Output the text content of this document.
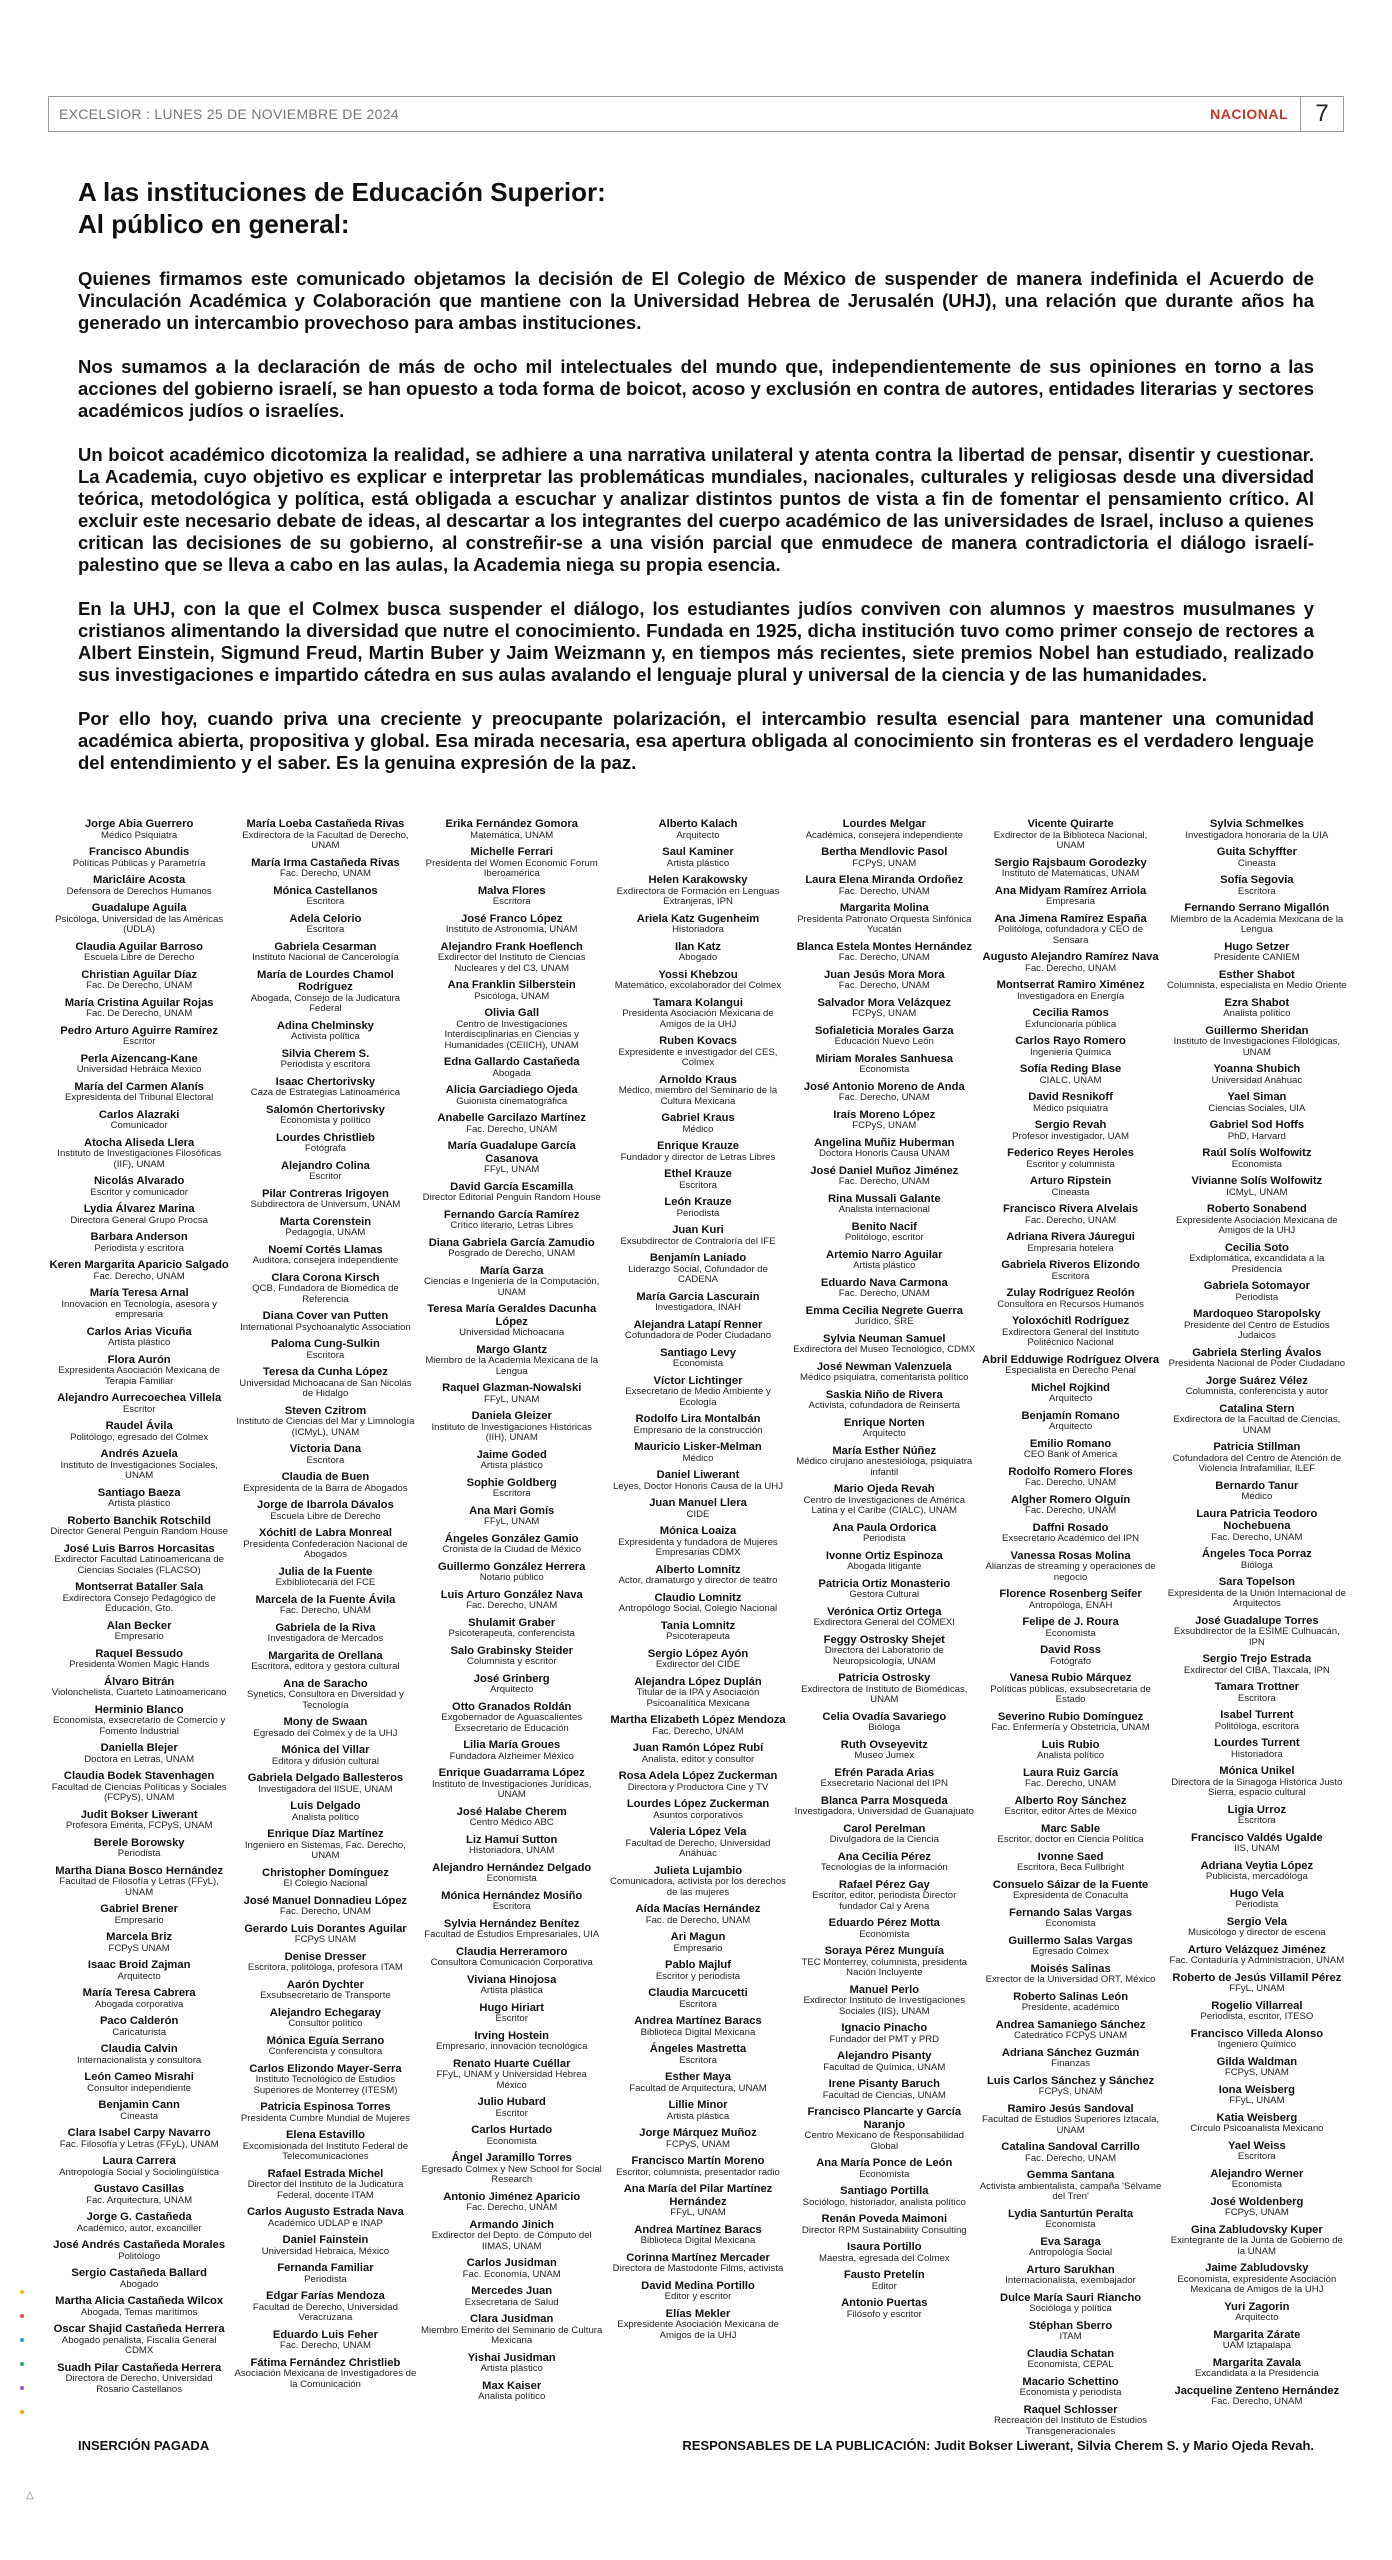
EXCELSIOR : LUNES 25 DE NOVIEMBRE DE 2024	NACIONAL	7
A las instituciones de Educación Superior:
Al público en general:

Quienes firmamos este comunicado objetamos la decisión de El Colegio de México de suspender de manera indefinida el Acuerdo de Vinculación Académica y Colaboración que mantiene con la Universidad Hebrea de Jerusalén (UHJ), una relación que durante años ha generado un intercambio provechoso para ambas instituciones.

Nos sumamos a la declaración de más de ocho mil intelectuales del mundo que, independientemente de sus opiniones en torno a las acciones del gobierno israelí, se han opuesto a toda forma de boicot, acoso y exclusión en contra de autores, entidades literarias y sectores académicos judíos o israelíes.

Un boicot académico dicotomiza la realidad, se adhiere a una narrativa unilateral y atenta contra la libertad de pensar, disentir y cuestionar. La Academia, cuyo objetivo es explicar e interpretar las problemáticas mundiales, nacionales, culturales y religiosas desde una diversidad teórica, metodológica y política, está obligada a escuchar y analizar distintos puntos de vista a fin de fomentar el pensamiento crítico. Al excluir este necesario debate de ideas, al descartar a los integrantes del cuerpo académico de las universidades de Israel, incluso a quienes critican las decisiones de su gobierno, al constreñir-se a una visión parcial que enmudece de manera contradictoria el diálogo israelí-palestino que se lleva a cabo en las aulas, la Academia niega su propia esencia.

En la UHJ, con la que el Colmex busca suspender el diálogo, los estudiantes judíos conviven con alumnos y maestros musulmanes y cristianos alimentando la diversidad que nutre el conocimiento. Fundada en 1925, dicha institución tuvo como primer consejo de rectores a Albert Einstein, Sigmund Freud, Martin Buber y Jaim Weizmann y, en tiempos más recientes, siete premios Nobel han estudiado, realizado sus investigaciones e impartido cátedra en sus aulas avalando el lenguaje plural y universal de la ciencia y de las humanidades.

Por ello hoy, cuando priva una creciente y preocupante polarización, el intercambio resulta esencial para mantener una comunidad académica abierta, propositiva y global. Esa mirada necesaria, esa apertura obligada al conocimiento sin fronteras es el verdadero lenguaje del entendimiento y el saber. Es la genuina expresión de la paz.

Jorge Abia Guerrero
Médico Psiquiatra
Francisco Abundis
Políticas Públicas y Parametría
Maricláire Acosta
Defensora de Derechos Humanos
Guadalupe Aguila
Psicóloga, Universidad de las Américas (UDLA)
Claudia Aguilar Barroso
Escuela Libre de Derecho
Christian Aguilar Díaz
Fac. De Derecho, UNAM
María Cristina Aguilar Rojas
Fac. De Derecho, UNAM
Pedro Arturo Aguirre Ramírez
Escritor
Perla Aizencang-Kane
Universidad Hebráica Mexico
María del Carmen Alanís
Expresidenta del Tribunal Electoral
Carlos Alazraki
Comunicador
Atocha Aliseda Llera
Instituto de Investigaciones Filosóficas (IIF), UNAM
Nicolás Alvarado
Escritor y comunicador
Lydia Álvarez Marina
Directora General Grupo Procsa
Barbara Anderson
Periodista y escritora
Keren Margarita Aparicio Salgado
Fac. Derecho, UNAM
María Teresa Arnal
Innovación en Tecnología, asesora y empresaria
Carlos Arias Vicuña
Artista plástico
Flora Aurón
Expresidenta Asociación Mexicana de Terapia Familiar
Alejandro Aurrecoechea Villela
Escritor
Raudel Ávila
Politólogo, egresado del Colmex
Andrés Azuela
Instituto de Investigaciones Sociales, UNAM
Santiago Baeza
Artista plástico
Roberto Banchik Rotschild
Director General Penguin Random House
José Luis Barros Horcasitas
Exdirector Facultad Latinoamericana de Ciencias Sociales (FLACSO)
Montserrat Bataller Sala
Exdirectora Consejo Pedagógico de Educación, Gto.
Alan Becker
Empresario
Raquel Bessudo
Presidenta Women Magic Hands
Álvaro Bitrán
Violonchelista, Cuarteto Latinoamericano
Herminio Blanco
Economista, exsecretario de Comercio y Fomento Industrial
Daniella Blejer
Doctora en Letras, UNAM
Claudia Bodek Stavenhagen
Facultad de Ciencias Políticas y Sociales (FCPyS), UNAM
Judit Bokser Liwerant
Profesora Emérita, FCPyS, UNAM
Berele Borowsky
Periodista
Martha Diana Bosco Hernández
Facultad de Filosofía y Letras (FFyL), UNAM
Gabriel Brener
Empresario
Marcela Briz
FCPyS UNAM
Isaac Broid Zajman
Arquitecto
María Teresa Cabrera
Abogada corporativa
Paco Calderón
Caricaturista
Claudia Calvin
Internacionalista y consultora
León Cameo Misrahi
Consultor independiente
Benjamin Cann
Cineasta
Clara Isabel Carpy Navarro
Fac. Filosofía y Letras (FFyL), UNAM
Laura Carrera
Antropología Social y Sociolingüística
Gustavo Casillas
Fac. Arquitectura, UNAM
Jorge G. Castañeda
Académico, autor, excanciller
José Andrés Castañeda Morales
Politólogo
Sergio Castañeda Ballard
Abogado
Martha Alicia Castañeda Wilcox
Abogada, Temas marítimos
Oscar Shajid Castañeda Herrera
Abogado penalista, Fiscalía General CDMX
Suadh Pilar Castañeda Herrera
Directora de Derecho, Universidad Rosario Castellanos
María Loeba Castañeda Rivas
Exdirectora de la Facultad de Derecho, UNAM
María Irma Castañeda Rivas
Fac. Derecho, UNAM
Mónica Castellanos
Escritora
Adela Celorio
Escritora
Gabriela Cesarman
Instituto Nacional de Cancerología
María de Lourdes Chamol Rodríguez
Abogada, Consejo de la Judicatura Federal
Adina Chelminsky
Activista política
Silvia Cherem S.
Periodista y escritora
Isaac Chertorivsky
Caza de Estrategias Latinoamérica
Salomón Chertorivsky
Economista y político
Lourdes Christlieb
Fotógrafa
Alejandro Colina
Escritor
Pilar Contreras Irigoyen
Subdirectora de Universum, UNAM
Marta Corenstein
Pedagogía, UNAM
Noemí Cortés Llamas
Auditora, consejera independiente
Clara Corona Kirsch
QCB, Fundadora de Biomédica de Referencia
Diana Cover van Putten
International Psychoanalytic Association
Paloma Cung-Sulkin
Escritora
Teresa da Cunha López
Universidad Michoacana de San Nicolás de Hidalgo
Steven Czitrom
Instituto de Ciencias del Mar y Limnología (ICMyL), UNAM
Victoria Dana
Escritora
Claudia de Buen
Expresidenta de la Barra de Abogados
Jorge de Ibarrola Dávalos
Escuela Libre de Derecho
Xóchitl de Labra Monreal
Presidenta Confederación Nacional de Abogados
Julia de la Fuente
Exbibliotecaria del FCE
Marcela de la Fuente Ávila
Fac. Derecho, UNAM
Gabriela de la Riva
Investigadora de Mercados
Margarita de Orellana
Escritora, editora y gestora cultural
Ana de Saracho
Synetics, Consultora en Diversidad y Tecnología
Mony de Swaan
Egresado del Colmex y de la UHJ
Mónica del Villar
Editora y difusión cultural
Gabriela Delgado Ballesteros
Investigadora del IISUE, UNAM
Luis Delgado
Analista político
Enrique Díaz Martínez
Ingeniero en Sistemas, Fac. Derecho, UNAM
Christopher Domínguez
El Colegio Nacional
José Manuel Donnadieu López
Fac. Derecho, UNAM
Gerardo Luis Dorantes Aguilar
FCPyS UNAM
Denise Dresser
Escritora, politóloga, profesora ITAM
Aarón Dychter
Exsubsecretario de Transporte
Alejandro Echegaray
Consultor político
Mónica Eguía Serrano
Conferencista y consultora
Carlos Elizondo Mayer-Serra
Instituto Tecnológico de Estudios Superiores de Monterrey (ITESM)
Patricia Espinosa Torres
Presidenta Cumbre Mundial de Mujeres
Elena Estavillo
Excomisionada del Instituto Federal de Telecomunicaciones
Rafael Estrada Michel
Director del Instituto de la Judicatura Federal, docente ITAM
Carlos Augusto Estrada Nava
Académico UDLAP e INAP
Daniel Fainstein
Universidad Hebraica, México
Fernanda Familiar
Periodista
Edgar Farías Mendoza
Facultad de Derecho, Universidad Veracruzana
Eduardo Luis Feher
Fac. Derecho, UNAM
Fátima Fernández Christlieb
Asociación Mexicana de Investigadores de la Comunicación
Erika Fernández Gomora
Matemática, UNAM
Michelle Ferrari
Presidenta del Women Economic Forum Iberoamérica
Malva Flores
Escritora
José Franco López
Instituto de Astronomía, UNAM
Alejandro Frank Hoeflench
Exdirector del Instituto de Ciencias Nucleares y del C3, UNAM
Ana Franklin Silberstein
Psicóloga, UNAM
Olivia Gall
Centro de Investigaciones Interdisciplinarias en Ciencias y Humanidades (CEIICH), UNAM
Edna Gallardo Castañeda
Abogada
Alicia Garciadiego Ojeda
Guionista cinematográfica
Anabelle Garcilazo Martínez
Fac. Derecho, UNAM
María Guadalupe García Casanova
FFyL, UNAM
David García Escamilla
Director Editorial Penguin Random House
Fernando García Ramírez
Crítico literario, Letras Libres
Diana Gabriela García Zamudio
Posgrado de Derecho, UNAM
María Garza
Ciencias e Ingeniería de la Computación, UNAM
Teresa María Geraldes Dacunha López
Universidad Michoacana
Margo Glantz
Miembro de la Academia Mexicana de la Lengua
Raquel Glazman-Nowalski
FFyL, UNAM
Daniela Gleizer
Instituto de Investigaciones Históricas (IIH), UNAM
Jaime Goded
Artista plástico
Sophie Goldberg
Escritora
Ana Mari Gomís
FFyL, UNAM
Ángeles González Gamio
Cronista de la Ciudad de México
Guillermo González Herrera
Notario público
Luis Arturo González Nava
Fac. Derecho, UNAM
Shulamit Graber
Psicoterapeuta, conferencista
Salo Grabinsky Steider
Columnista y escritor
José Grinberg
Arquitecto
Otto Granados Roldán
Exgobernador de Aguascalientes Exsecretario de Educación
Lilia María Groues
Fundadora Alzheimer México
Enrique Guadarrama López
Instituto de Investigaciones Jurídicas, UNAM
José Halabe Cherem
Centro Médico ABC
Liz Hamui Sutton
Historiadora, UNAM
Alejandro Hernández Delgado
Economista
Mónica Hernández Mosiño
Escritora
Sylvia Hernández Benítez
Facultad de Estudios Empresariales, UIA
Claudia Herreramoro
Consultora Comunicación Corporativa
Viviana Hinojosa
Artista plástica
Hugo Hiriart
Escritor
Irving Hostein
Empresario, innovación tecnológica
Renato Huarte Cuéllar
FFyL, UNAM y Universidad Hebrea México
Julio Hubard
Escritor
Carlos Hurtado
Economista
Ángel Jaramillo Torres
Egresado Colmex y New School for Social Research
Antonio Jiménez Aparicio
Fac. Derecho, UNAM
Armando Jinich
Exdirector del Depto. de Cómputo del IIMAS, UNAM
Carlos Jusidman
Fac. Economía, UNAM
Mercedes Juan
Exsecretaria de Salud
Clara Jusidman
Miembro Emérito del Seminario de Cultura Mexicana
Yishai Jusidman
Artista plástico
Max Kaiser
Analista político
Alberto Kalach
Arquitecto
Saul Kaminer
Artista plástico
Helen Karakowsky
Exdirectora de Formación en Lenguas Extranjeras, IPN
Ariela Katz Gugenheim
Historiadora
Ilan Katz
Abogado
Yossi Khebzou
Matemático, excolaborador del Colmex
Tamara Kolangui
Presidenta Asociación Mexicana de Amigos de la UHJ
Ruben Kovacs
Expresidente e investigador del CES, Colmex
Arnoldo Kraus
Médico, miembro del Seminario de la Cultura Mexicana
Gabriel Kraus
Médico
Enrique Krauze
Fundador y director de Letras Libres
Ethel Krauze
Escritora
León Krauze
Periodista
Juan Kuri
Exsubdirector de Contraloría del IFE
Benjamín Laniado
Liderazgo Social, Cofundador de CADENA
María Garcia Lascurain
Investigadora, INAH
Alejandra Latapí Renner
Cofundadora de Poder Ciudadano
Santiago Levy
Economista
Víctor Lichtinger
Exsecretario de Medio Ambiente y Ecología
Rodolfo Lira Montalbán
Empresario de la construcción
Mauricio Lisker-Melman
Médico
Daniel Liwerant
Leyes, Doctor Honoris Causa de la UHJ
Juan Manuel Llera
CIDE
Mónica Loaiza
Expresidenta y fundadora de Mujeres Empresarias CDMX
Alberto Lomnitz
Actor, dramaturgo y director de teatro
Claudio Lomnitz
Antropólogo Social, Colegio Nacional
Tania Lomnitz
Psicoterapeuta
Sergio López Ayón
Exdirector del CIDE
Alejandra López Duplán
Titular de la IPA y Asociación Psicoanalítica Mexicana
Martha Elizabeth López Mendoza
Fac. Derecho, UNAM
Juan Ramón López Rubí
Analista, editor y consultor
Rosa Adela López Zuckerman
Directora y Productora Cine y TV
Lourdes López Zuckerman
Asuntos corporativos
Valeria López Vela
Facultad de Derecho, Universidad Anáhuac
Julieta Lujambio
Comunicadora, activista por los derechos de las mujeres
Aída Macías Hernández
Fac. de Derecho, UNAM
Ari Magun
Empresario
Pablo Majluf
Escritor y periodista
Claudia Marcucetti
Escritora
Andrea Martínez Baracs
Biblioteca Digital Mexicana
Ángeles Mastretta
Escritora
Esther Maya
Facultad de Arquitectura, UNAM
Lillie Minor
Artista plástica
Jorge Márquez Muñoz
FCPyS, UNAM
Francisco Martín Moreno
Escritor, columnista, presentador radio
Ana María del Pilar Martínez Hernández
FFyL, UNAM
Andrea Martínez Baracs
Biblioteca Digital Mexicana
Corinna Martínez Mercader
Directora de Mastodonte Films, activista
David Medina Portillo
Editor y escritor
Elías Mekler
Expresidente Asociación Mexicana de Amigos de la UHJ
Lourdes Melgar
Académica, consejera independiente
Bertha Mendlovic Pasol
FCPyS, UNAM
Laura Elena Miranda Ordoñez
Fac. Derecho, UNAM
Margarita Molina
Presidenta Patronato Orquesta Sinfónica Yucatán
Blanca Estela Montes Hernández
Fac. Derecho, UNAM
Juan Jesús Mora Mora
Fac. Derecho, UNAM
Salvador Mora Velázquez
FCPyS, UNAM
Sofialeticia Morales Garza
Educación Nuevo León
Miriam Morales Sanhuesa
Economista
José Antonio Moreno de Anda
Fac. Derecho, UNAM
Iraís Moreno López
FCPyS, UNAM
Angelina Muñiz Huberman
Doctora Honoris Causa UNAM
José Daniel Muñoz Jiménez
Fac. Derecho, UNAM
Rina Mussali Galante
Analista internacional
Benito Nacif
Politólogo, escritor
Artemio Narro Aguilar
Artista plástico
Eduardo Nava Carmona
Fac. Derecho, UNAM
Emma Cecilia Negrete Guerra
Jurídico, SRE
Sylvia Neuman Samuel
Exdirectora del Museo Tecnológico, CDMX
José Newman Valenzuela
Médico psiquiatra, comentarista político
Saskia Niño de Rivera
Activista, cofundadora de Reinserta
Enrique Norten
Arquitecto
María Esther Núñez
Médico cirujano anestesióloga, psiquiatra infantil
Mario Ojeda Revah
Centro de Investigaciones de América Latina y el Caribe (CIALC), UNAM
Ana Paula Ordorica
Periodista
Ivonne Ortiz Espinoza
Abogada litigante
Patricia Ortiz Monasterio
Gestora Cultural
Verónica Ortiz Ortega
Exdirectora General del COMEXI
Feggy Ostrosky Shejet
Directora del Laboratorio de Neuropsicología, UNAM
Patricia Ostrosky
Exdirectora de Instituto de Biomédicas, UNAM
Celia Ovadía Savariego
Bióloga
Ruth Ovseyevitz
Museo Jumex
Efrén Parada Arias
Exsecretario Nacional del IPN
Blanca Parra Mosqueda
Investigadora, Universidad de Guanajuato
Carol Perelman
Divulgadora de la Ciencia
Ana Cecilia Pérez
Tecnologías de la información
Rafael Pérez Gay
Escritor, editor, periodista Director fundador Cal y Arena
Eduardo Pérez Motta
Economista
Soraya Pérez Munguía
TEC Monterrey, columnista, presidenta Nación Incluyente
Manuel Perlo
Exdirector Instituto de Investigaciones Sociales (IIS), UNAM
Ignacio Pinacho
Fundador del PMT y PRD
Alejandro Pisanty
Facultad de Química, UNAM
Irene Pisanty Baruch
Facultad de Ciencias, UNAM
Francisco Plancarte y García Naranjo
Centro Mexicano de Responsabilidad Global
Ana María Ponce de León
Economista
Santiago Portilla
Sociólogo, historiador, analista político
Renán Poveda Maimoni
Director RPM Sustainability Consulting
Isaura Portillo
Maestra, egresada del Colmex
Fausto Pretelín
Editor
Antonio Puertas
Filósofo y escritor
Vicente Quirarte
Exdirector de la Biblioteca Nacional, UNAM
Sergio Rajsbaum Gorodezky
Instituto de Matemáticas, UNAM
Ana Midyam Ramírez Arriola
Empresaria
Ana Jimena Ramírez España
Politóloga, cofundadora y CEO de Sensara
Augusto Alejandro Ramírez Nava
Fac. Derecho, UNAM
Montserrat Ramiro Ximénez
Investigadora en Energía
Cecilia Ramos
Exfuncionaria pública
Carlos Rayo Romero
Ingeniería Química
Sofía Reding Blase
CIALC, UNAM
David Resnikoff
Médico psiquiatra
Sergio Revah
Profesor investigador, UAM
Federico Reyes Heroles
Escritor y columnista
Arturo Ripstein
Cineasta
Francisco Rivera Alvelais
Fac. Derecho, UNAM
Adriana Rivera Jáuregui
Empresaria hotelera
Gabriela Riveros Elizondo
Escritora
Zulay Rodríguez Reolón
Consultora en Recursos Humanos
Yoloxóchitl Rodríguez
Exdirectora General del Instituto Politécnico Nacional
Abril Edduwige Rodríguez Olvera
Especialista en Derecho Penal
Michel Rojkind
Arquitecto
Benjamín Romano
Arquitecto
Emilio Romano
CEO Bank of America
Rodolfo Romero Flores
Fac. Derecho, UNAM
Algher Romero Olguín
Fac. Derecho, UNAM
Daffni Rosado
Exsecretario Académico del IPN
Vanessa Rosas Molina
Alianzas de streaming y operaciones de negocio
Florence Rosenberg Seifer
Antropóloga, ENAH
Felipe de J. Roura
Economista
David Ross
Fotógrafo
Vanesa Rubio Márquez
Políticas públicas, exsubsecretaria de Estado
Severino Rubio Domínguez
Fac. Enfermería y Obstetricia, UNAM
Luis Rubio
Analista político
Laura Ruiz García
Fac. Derecho, UNAM
Alberto Roy Sánchez
Escritor, editor Artes de México
Marc Sable
Escritor, doctor en Ciencia Política
Ivonne Saed
Escritora, Beca Fullbright
Consuelo Sáizar de la Fuente
Expresidenta de Conaculta
Fernando Salas Vargas
Economista
Guillermo Salas Vargas
Egresado Colmex
Moisés Salinas
Exrector de la Universidad ORT, México
Roberto Salinas León
Presidente, académico
Andrea Samaniego Sánchez
Catedrático FCPyS UNAM
Adriana Sánchez Guzmán
Finanzas
Luis Carlos Sánchez y Sánchez
FCPyS, UNAM
Ramiro Jesús Sandoval
Facultad de Estudios Superiores Iztacala, UNAM
Catalina Sandoval Carrillo
Fac. Derecho, UNAM
Gemma Santana
Activista ambientalista, campaña 'Sélvame del Tren'
Lydia Santurtún Peralta
Economista
Eva Saraga
Antropología Social
Arturo Sarukhan
Internacionalista, exembajador
Dulce María Sauri Riancho
Socióloga y política
Stéphan Sberro
ITAM
Claudia Schatan
Economista, CEPAL
Macario Schettino
Economista y periodista
Raquel Schlosser
Recreación del Instituto de Estudios Transgeneracionales
Sylvia Schmelkes
Investigadora honoraria de la UIA
Guita Schyffter
Cineasta
Sofía Segovia
Escritora
Fernando Serrano Migallón
Miembro de la Academia Mexicana de la Lengua
Hugo Setzer
Presidente CANIEM
Esther Shabot
Columnista, especialista en Medio Oriente
Ezra Shabot
Analista político
Guillermo Sheridan
Instituto de Investigaciones Filológicas, UNAM
Yoanna Shubich
Universidad Anáhuac
Yael Siman
Ciencias Sociales, UIA
Gabriel Sod Hoffs
PhD, Harvard
Raúl Solís Wolfowitz
Economista
Vivianne Solís Wolfowitz
ICMyL, UNAM
Roberto Sonabend
Expresidente Asociación Mexicana de Amigos de la UHJ
Cecilia Soto
Exdiplomática, excandidata a la Presidencia
Gabriela Sotomayor
Periodista
Mardoqueo Staropolsky
Presidente del Centro de Estudios Judaicos
Gabriela Sterling Ávalos
Presidenta Nacional de Poder Ciudadano
Jorge Suárez Vélez
Columnista, conferencista y autor
Catalina Stern
Exdirectora de la Facultad de Ciencias, UNAM
Patricia Stillman
Cofundadora del Centro de Atención de Violencia Intrafamiliar, ILEF
Bernardo Tanur
Médico
Laura Patricia Teodoro Nochebuena
Fac. Derecho, UNAM
Ángeles Toca Porraz
Bióloga
Sara Topelson
Expresidenta de la Unión Internacional de Arquitectos
José Guadalupe Torres
Exsubdirector de la ESIME Culhuacán, IPN
Sergio Trejo Estrada
Exdirector del CIBA, Tlaxcala, IPN
Tamara Trottner
Escritora
Isabel Turrent
Politóloga, escritora
Lourdes Turrent
Historiadora
Mónica Unikel
Directora de la Sinagoga Histórica Justo Sierra, espacio cultural
Ligia Urroz
Escritora
Francisco Valdés Ugalde
IIS, UNAM
Adriana Veytia López
Publicista, mercadóloga
Hugo Vela
Periodista
Sergio Vela
Musicólogo y director de escena
Arturo Velázquez Jiménez
Fac. Contaduría y Administración, UNAM
Roberto de Jesús Villamil Pérez
FFyL, UNAM
Rogelio Villarreal
Periodista, escritor, ITESO
Francisco Villeda Alonso
Ingeniero Químico
Gilda Waldman
FCPyS, UNAM
Iona Weisberg
FFyL, UNAM
Katia Weisberg
Círculo Psicoanalista Mexicano
Yael Weiss
Escritora
Alejandro Werner
Economista
José Woldenberg
FCPyS, UNAM
Gina Zabludovsky Kuper
Exintegrante de la Junta de Gobierno de la UNAM
Jaime Zabludovsky
Economista, expresidente Asociación Mexicana de Amigos de la UHJ
Yuri Zagorin
Arquitecto
Margarita Zárate
UAM Iztapalapa
Margarita Zavala
Excandidata a la Presidencia
Jacqueline Zenteno Hernández
Fac. Derecho, UNAM
INSERCIÓN PAGADA	RESPONSABLES DE LA PUBLICACIÓN: Judit Bokser Liwerant, Silvia Cherem S. y Mario Ojeda Revah.
△
